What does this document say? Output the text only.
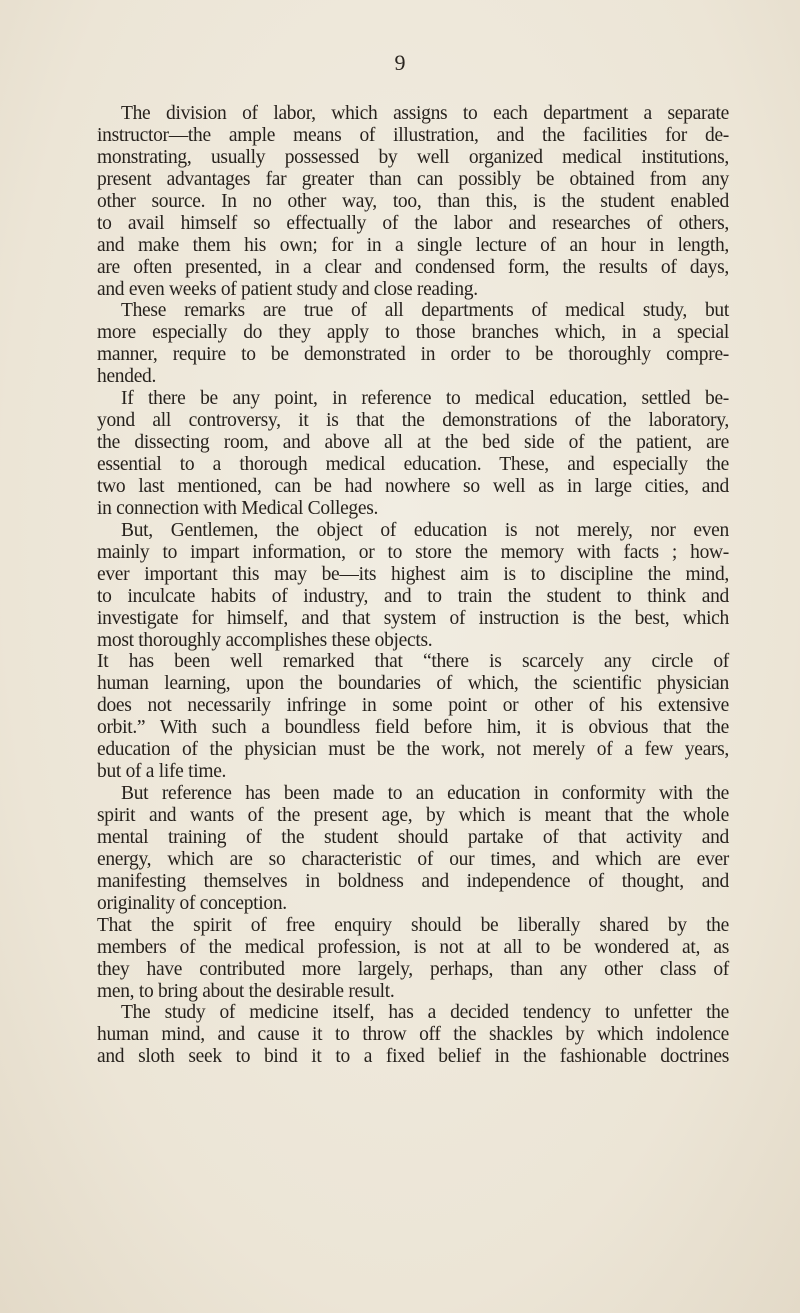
9
The division of labor, which assigns to each department a separate
instructor—the ample means of illustration, and the facilities for de-
monstrating, usually possessed by well organized medical institutions,
present advantages far greater than can possibly be obtained from any
other source. In no other way, too, than this, is the student enabled
to avail himself so effectually of the labor and researches of others,
and make them his own; for in a single lecture of an hour in length,
are often presented, in a clear and condensed form, the results of days,
and even weeks of patient study and close reading.
These remarks are true of all departments of medical study, but
more especially do they apply to those branches which, in a special
manner, require to be demonstrated in order to be thoroughly compre-
hended.
If there be any point, in reference to medical education, settled be-
yond all controversy, it is that the demonstrations of the laboratory,
the dissecting room, and above all at the bed side of the patient, are
essential to a thorough medical education. These, and especially the
two last mentioned, can be had nowhere so well as in large cities, and
in connection with Medical Colleges.
But, Gentlemen, the object of education is not merely, nor even
mainly to impart information, or to store the memory with facts ; how-
ever important this may be—its highest aim is to discipline the mind,
to inculcate habits of industry, and to train the student to think and
investigate for himself, and that system of instruction is the best, which
most thoroughly accomplishes these objects.
It has been well remarked that “there is scarcely any circle of
human learning, upon the boundaries of which, the scientific physician
does not necessarily infringe in some point or other of his extensive
orbit.” With such a boundless field before him, it is obvious that the
education of the physician must be the work, not merely of a few years,
but of a life time.
But reference has been made to an education in conformity with the
spirit and wants of the present age, by which is meant that the whole
mental training of the student should partake of that activity and
energy, which are so characteristic of our times, and which are ever
manifesting themselves in boldness and independence of thought, and
originality of conception.
That the spirit of free enquiry should be liberally shared by the
members of the medical profession, is not at all to be wondered at, as
they have contributed more largely, perhaps, than any other class of
men, to bring about the desirable result.
The study of medicine itself, has a decided tendency to unfetter the
human mind, and cause it to throw off the shackles by which indolence
and sloth seek to bind it to a fixed belief in the fashionable doctrines
